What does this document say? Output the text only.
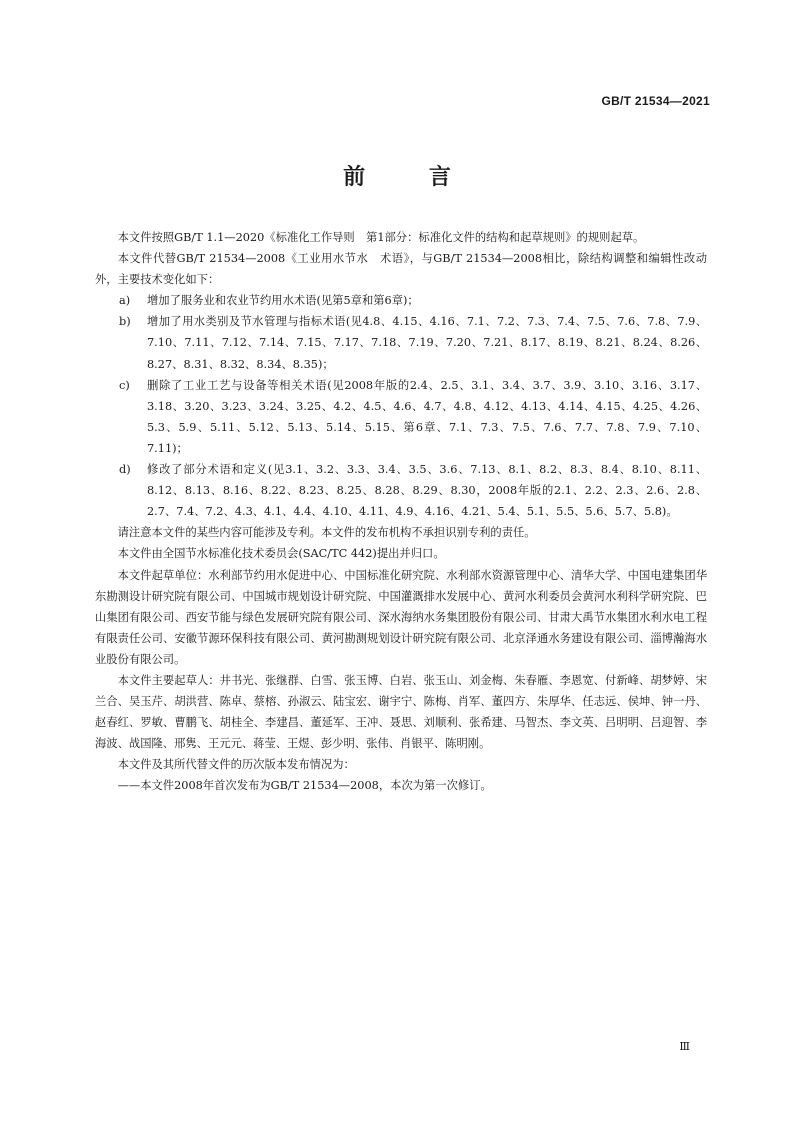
GB/T 21534—2021
前 言

本文件按照GB/T 1.1—2020《标准化工作导则　第1部分：标准化文件的结构和起草规则》的规则起草。

本文件代替GB/T 21534—2008《工业用水节水　术语》，与GB/T 21534—2008相比，除结构调整和编辑性改动外，主要技术变化如下：

a)	增加了服务业和农业节约用水术语(见第5章和第6章)；
b)	增加了用水类别及节水管理与指标术语(见4.8、4.15、4.16、7.1、7.2、7.3、7.4、7.5、7.6、7.8、7.9、7.10、7.11、7.12、7.14、7.15、7.17、7.18、7.19、7.20、7.21、8.17、8.19、8.21、8.24、8.26、8.27、8.31、8.32、8.34、8.35)；
c)	删除了工业工艺与设备等相关术语(见2008年版的2.4、2.5、3.1、3.4、3.7、3.9、3.10、3.16、3.17、3.18、3.20、3.23、3.24、3.25、4.2、4.5、4.6、4.7、4.8、4.12、4.13、4.14、4.15、4.25、4.26、5.3、5.9、5.11、5.12、5.13、5.14、5.15、第6章、7.1、7.3、7.5、7.6、7.7、7.8、7.9、7.10、7.11)；
d)	修改了部分术语和定义(见3.1、3.2、3.3、3.4、3.5、3.6、7.13、8.1、8.2、8.3、8.4、8.10、8.11、8.12、8.13、8.16、8.22、8.23、8.25、8.28、8.29、8.30，2008年版的2.1、2.2、2.3、2.6、2.8、2.7、7.4、7.2、4.3、4.1、4.4、4.10、4.11、4.9、4.16、4.21、5.4、5.1、5.5、5.6、5.7、5.8)。

请注意本文件的某些内容可能涉及专利。本文件的发布机构不承担识别专利的责任。

本文件由全国节水标准化技术委员会(SAC/TC 442)提出并归口。

本文件起草单位：水利部节约用水促进中心、中国标准化研究院、水利部水资源管理中心、清华大学、中国电建集团华东勘测设计研究院有限公司、中国城市规划设计研究院、中国灌溉排水发展中心、黄河水利委员会黄河水利科学研究院、巴山集团有限公司、西安节能与绿色发展研究院有限公司、深水海纳水务集团股份有限公司、甘肃大禹节水集团水利水电工程有限责任公司、安徽节源环保科技有限公司、黄河勘测规划设计研究院有限公司、北京泽通水务建设有限公司、淄博瀚海水业股份有限公司。

本文件主要起草人：井书光、张继群、白雪、张玉博、白岩、张玉山、刘金梅、朱春雁、李恩宽、付新峰、胡梦婷、宋兰合、吴玉芹、胡洪营、陈卓、蔡榕、孙淑云、陆宝宏、谢宇宁、陈梅、肖军、董四方、朱厚华、任志远、侯坤、钟一丹、赵春红、罗敏、曹鹏飞、胡桂全、李建昌、董延军、王冲、聂思、刘顺利、张希建、马智杰、李文英、吕明明、吕迎智、李海波、战国隆、邢隽、王元元、蒋莹、王煜、彭少明、张伟、肖银平、陈明刚。

本文件及其所代替文件的历次版本发布情况为：

——本文件2008年首次发布为GB/T 21534—2008，本次为第一次修订。

Ⅲ
